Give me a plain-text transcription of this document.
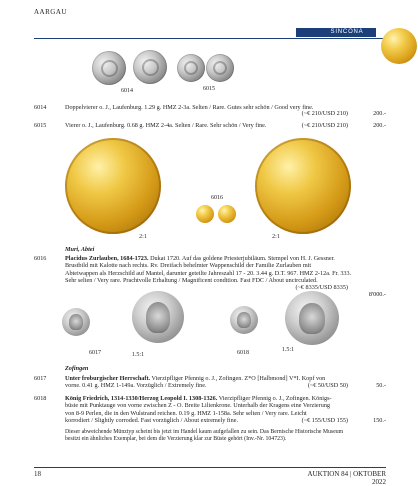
AARGAU
SINCONA
6014	6015
6014	Doppelvierer o. J., Laufenburg. 1.29 g. HMZ 2-3a. Selten / Rare. Gutes sehr schön / Good very fine.
(~€ 210/USD 210)	200.-
6015	Vierer o. J., Laufenburg. 0.68 g. HMZ 2-4a. Selten / Rare. Sehr schön / Very fine.	(~€ 210/USD 210)	200.-
6016
2:1	2:1
Muri, Abtei
6016	Placidus Zurlauben, 1684-1723. Dukat 1720. Auf das goldene Priesterjubiläum. Stempel von H. J. Gessner.
Brustbild mit Kalotte nach rechts. Rv. Dreifach behelmter Wappenschild der Familie Zurlauben mit
Abteiwappen als Herzschild auf Mantel, darunter geteilte Jahreszahl 17 - 20. 3.44 g. D.T. 967. HMZ 2-12a. Fr. 333.
Sehr selten / Very rare. Prachtvolle Erhaltung / Magnificent condition. Fast FDC / About uncirculated.
(~€ 8335/USD 8335)
8'000.-
6017	1.5:1	6018	1.5:1
Zofingen
6017	Unter froburgischer Herrschaft. Vierzipfliger Pfennig o. J., Zofingen. Z*O [Halbmond] V*I. Kopf von
vorne. 0.41 g. HMZ 1-149a. Vorzüglich / Extremely fine.	(~€ 50/USD 50)	50.-
6018	König Friedrich, 1314-1330/Herzog Leopold I. 1308-1326. Vierzipfliger Pfennig o. J., Zofingen. Königs-
büste mit Punktauge von vorne zwischen Z - O. Breite Lilienkrone. Unterhalb der Kragens eine Verzierung
von 8-9 Perlen, die in den Wulstrand reichen. 0.19 g. HMZ 1-158a. Sehr selten / Very rare. Leicht
korrodiert / Slightly corroded. Fast vorzüglich / About extremely fine.	(~€ 155/USD 155)	150.-
Dieser abweichende Münztyp scheint bis jetzt im Handel kaum aufgefallen zu sein. Das Bernische Historische Museum
besitzt ein ähnliches Exemplar, bei dem die Verzierung klar zur Büste gehört (Inv.-Nr. 104723).
18	AUKTION 84 | OKTOBER 2022
